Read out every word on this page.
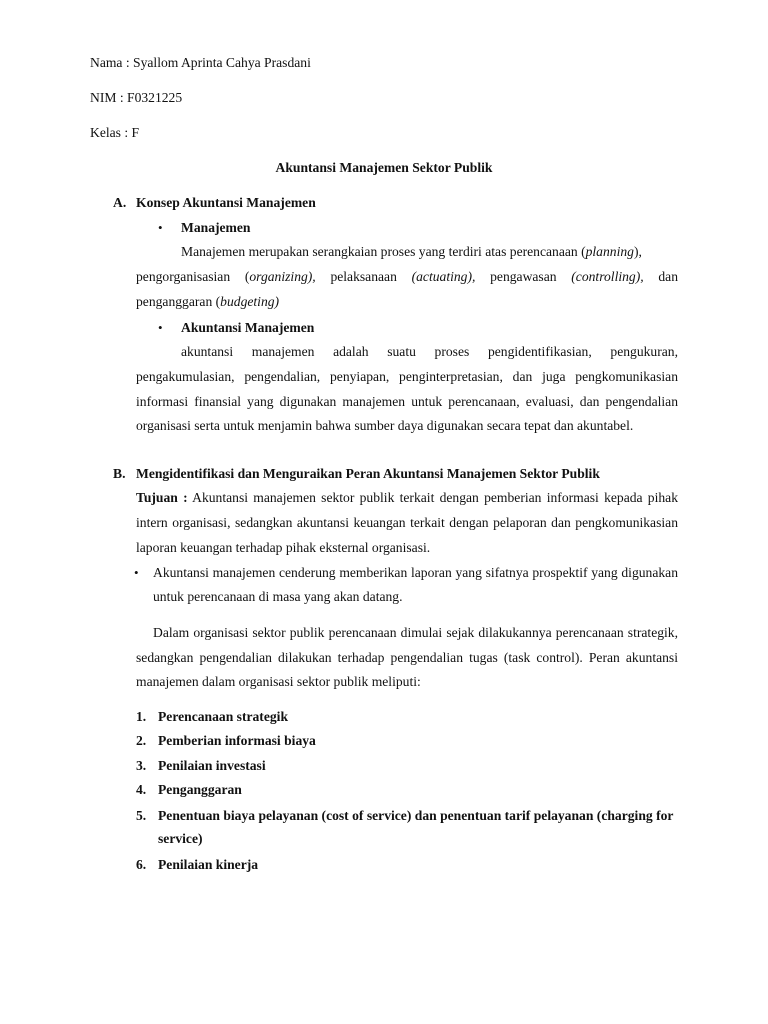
Nama : Syallom Aprinta Cahya Prasdani
NIM : F0321225
Kelas : F
Akuntansi Manajemen Sektor Publik
A. Konsep Akuntansi Manajemen
• Manajemen
Manajemen merupakan serangkaian proses yang terdiri atas perencanaan (planning),
pengorganisasian (organizing), pelaksanaan (actuating), pengawasan (controlling), dan
penganggaran (budgeting)
• Akuntansi Manajemen
akuntansi manajemen adalah suatu proses pengidentifikasian, pengukuran,
pengakumulasian, pengendalian, penyiapan, penginterpretasian, dan juga pengkomunikasian
informasi finansial yang digunakan manajemen untuk perencanaan, evaluasi, dan pengendalian
organisasi serta untuk menjamin bahwa sumber daya digunakan secara tepat dan akuntabel.
B. Mengidentifikasi dan Menguraikan Peran Akuntansi Manajemen Sektor Publik
Tujuan : Akuntansi manajemen sektor publik terkait dengan pemberian informasi kepada pihak
intern organisasi, sedangkan akuntansi keuangan terkait dengan pelaporan dan pengkomunikasian
laporan keuangan terhadap pihak eksternal organisasi.
• Akuntansi manajemen cenderung memberikan laporan yang sifatnya prospektif yang digunakan
untuk perencanaan di masa yang akan datang.
Dalam organisasi sektor publik perencanaan dimulai sejak dilakukannya perencanaan strategik,
sedangkan pengendalian dilakukan terhadap pengendalian tugas (task control). Peran akuntansi
manajemen dalam organisasi sektor publik meliputi:
1. Perencanaan strategik
2. Pemberian informasi biaya
3. Penilaian investasi
4. Penganggaran
5. Penentuan biaya pelayanan (cost of service) dan penentuan tarif pelayanan (charging for
service)
6. Penilaian kinerja
